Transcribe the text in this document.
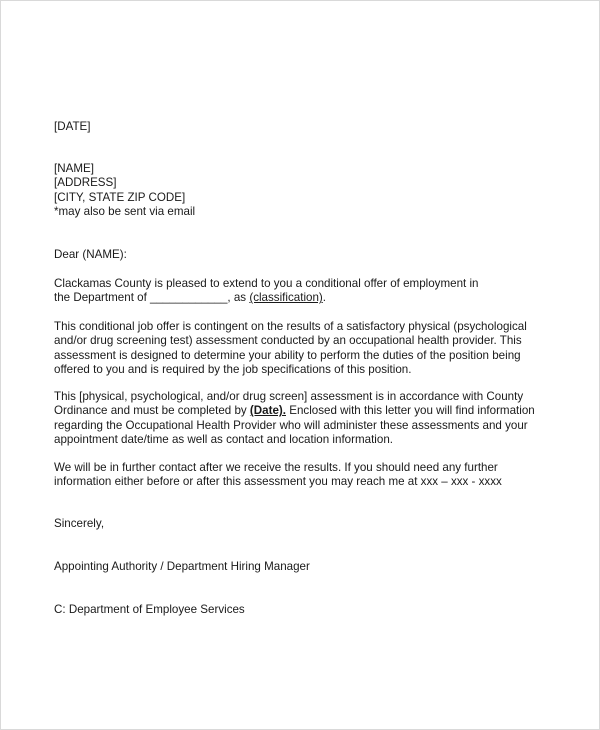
[DATE]
[NAME]
[ADDRESS]
[CITY, STATE ZIP CODE]
*may also be sent via email
Dear (NAME):
Clackamas County is pleased to extend to you a conditional offer of employment in
the Department of ____________, as (classification).
This conditional job offer is contingent on the results of a satisfactory physical (psychological
and/or drug screening test) assessment conducted by an occupational health provider. This
assessment is designed to determine your ability to perform the duties of the position being
offered to you and is required by the job specifications of this position.
This [physical, psychological, and/or drug screen] assessment is in accordance with County
Ordinance and must be completed by (Date). Enclosed with this letter you will find information
regarding the Occupational Health Provider who will administer these assessments and your
appointment date/time as well as contact and location information.
We will be in further contact after we receive the results. If you should need any further
information either before or after this assessment you may reach me at xxx – xxx - xxxx
Sincerely,
Appointing Authority / Department Hiring Manager
C: Department of Employee Services
